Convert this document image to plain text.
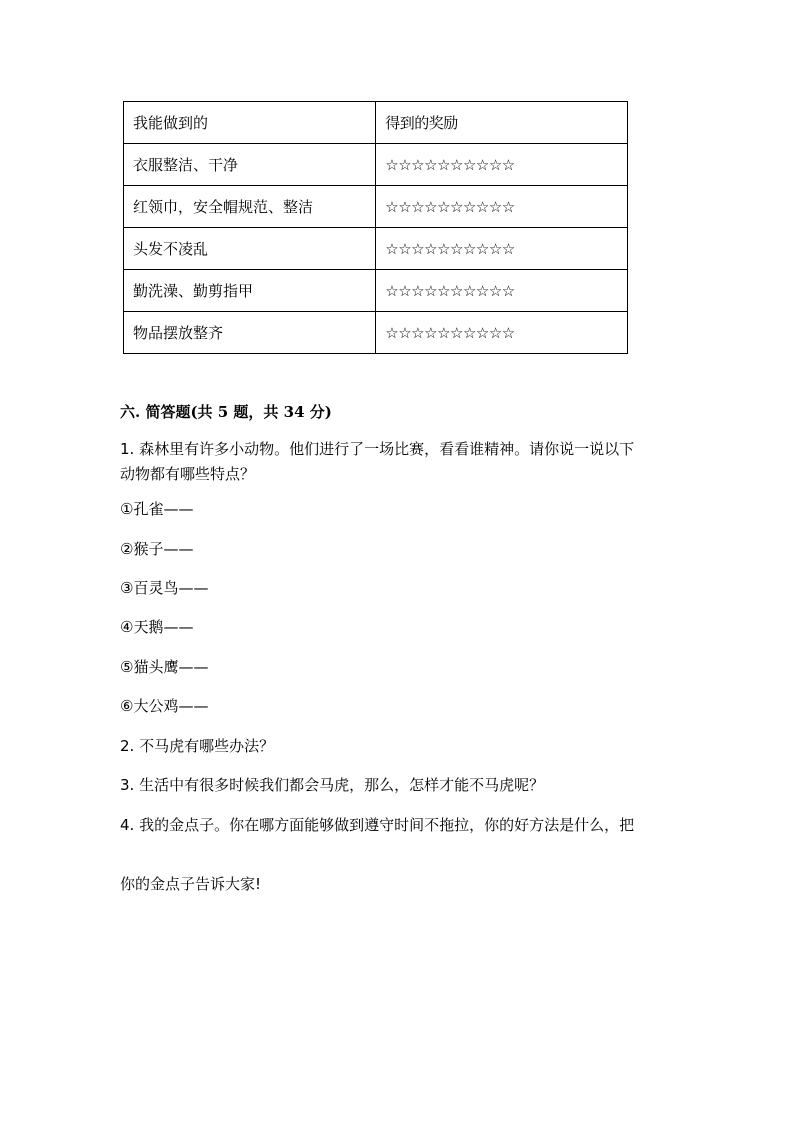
我能做到的	得到的奖励
衣服整洁、干净	☆☆☆☆☆☆☆☆☆☆
红领巾，安全帽规范、整洁	☆☆☆☆☆☆☆☆☆☆
头发不凌乱	☆☆☆☆☆☆☆☆☆☆
勤洗澡、勤剪指甲	☆☆☆☆☆☆☆☆☆☆
物品摆放整齐	☆☆☆☆☆☆☆☆☆☆
六. 简答题(共 5 题，共 34 分)
1. 森林里有许多小动物。他们进行了一场比赛，看看谁精神。请你说一说以下
动物都有哪些特点？
①孔雀——
②猴子——
③百灵鸟——
④天鹅——
⑤猫头鹰——
⑥大公鸡——
2. 不马虎有哪些办法？
3. 生活中有很多时候我们都会马虎，那么，怎样才能不马虎呢？
4. 我的金点子。你在哪方面能够做到遵守时间不拖拉，你的好方法是什么，把
你的金点子告诉大家!
